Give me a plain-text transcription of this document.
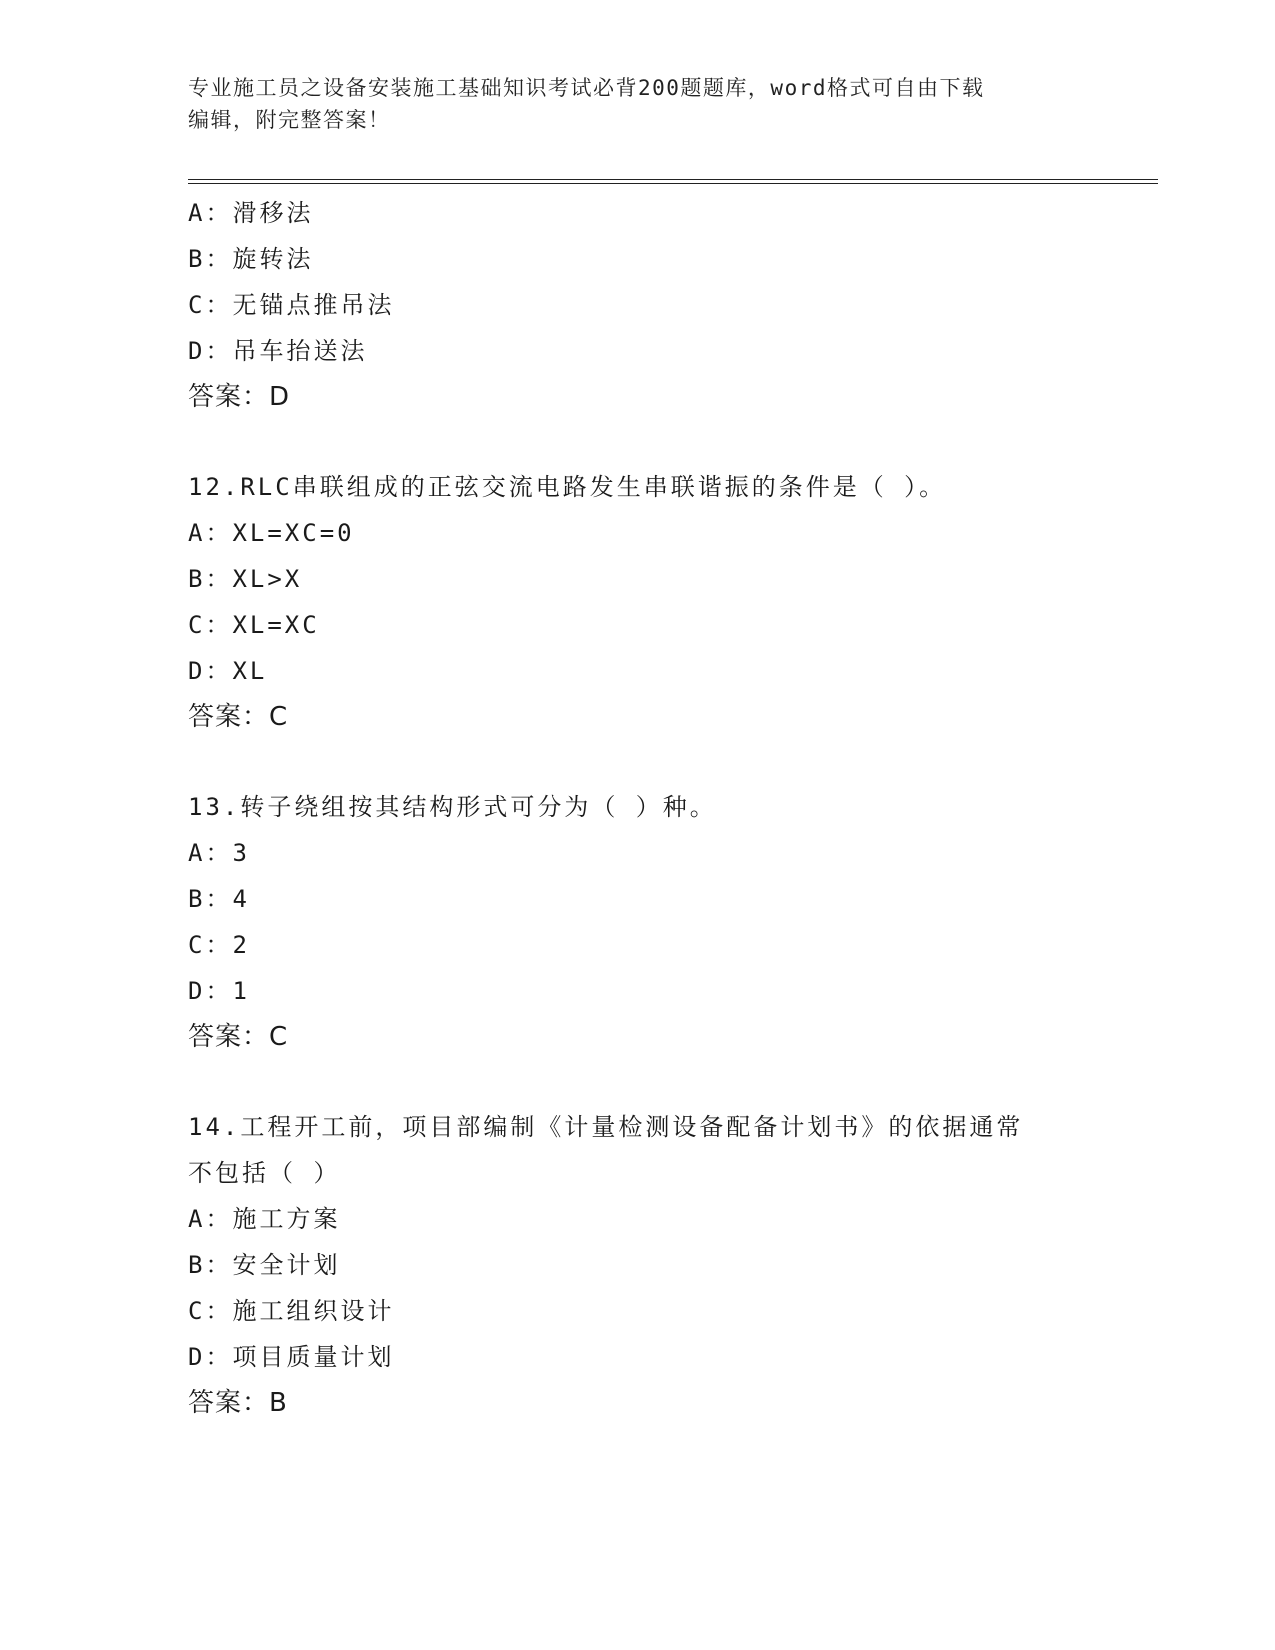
专业施工员之设备安装施工基础知识考试必背200题题库，word格式可自由下载
编辑，附完整答案！
A：滑移法
B：旋转法
C：无锚点推吊法
D：吊车抬送法
答案：D
12.RLC串联组成的正弦交流电路发生串联谐振的条件是（ ）。
A：XL=XC=0
B：XL>X
C：XL=XC
D：XL
答案：C
13.转子绕组按其结构形式可分为（ ）种。
A：3
B：4
C：2
D：1
答案：C
14.工程开工前，项目部编制《计量检测设备配备计划书》的依据通常
不包括（ ）
A：施工方案
B：安全计划
C：施工组织设计
D：项目质量计划
答案：B
